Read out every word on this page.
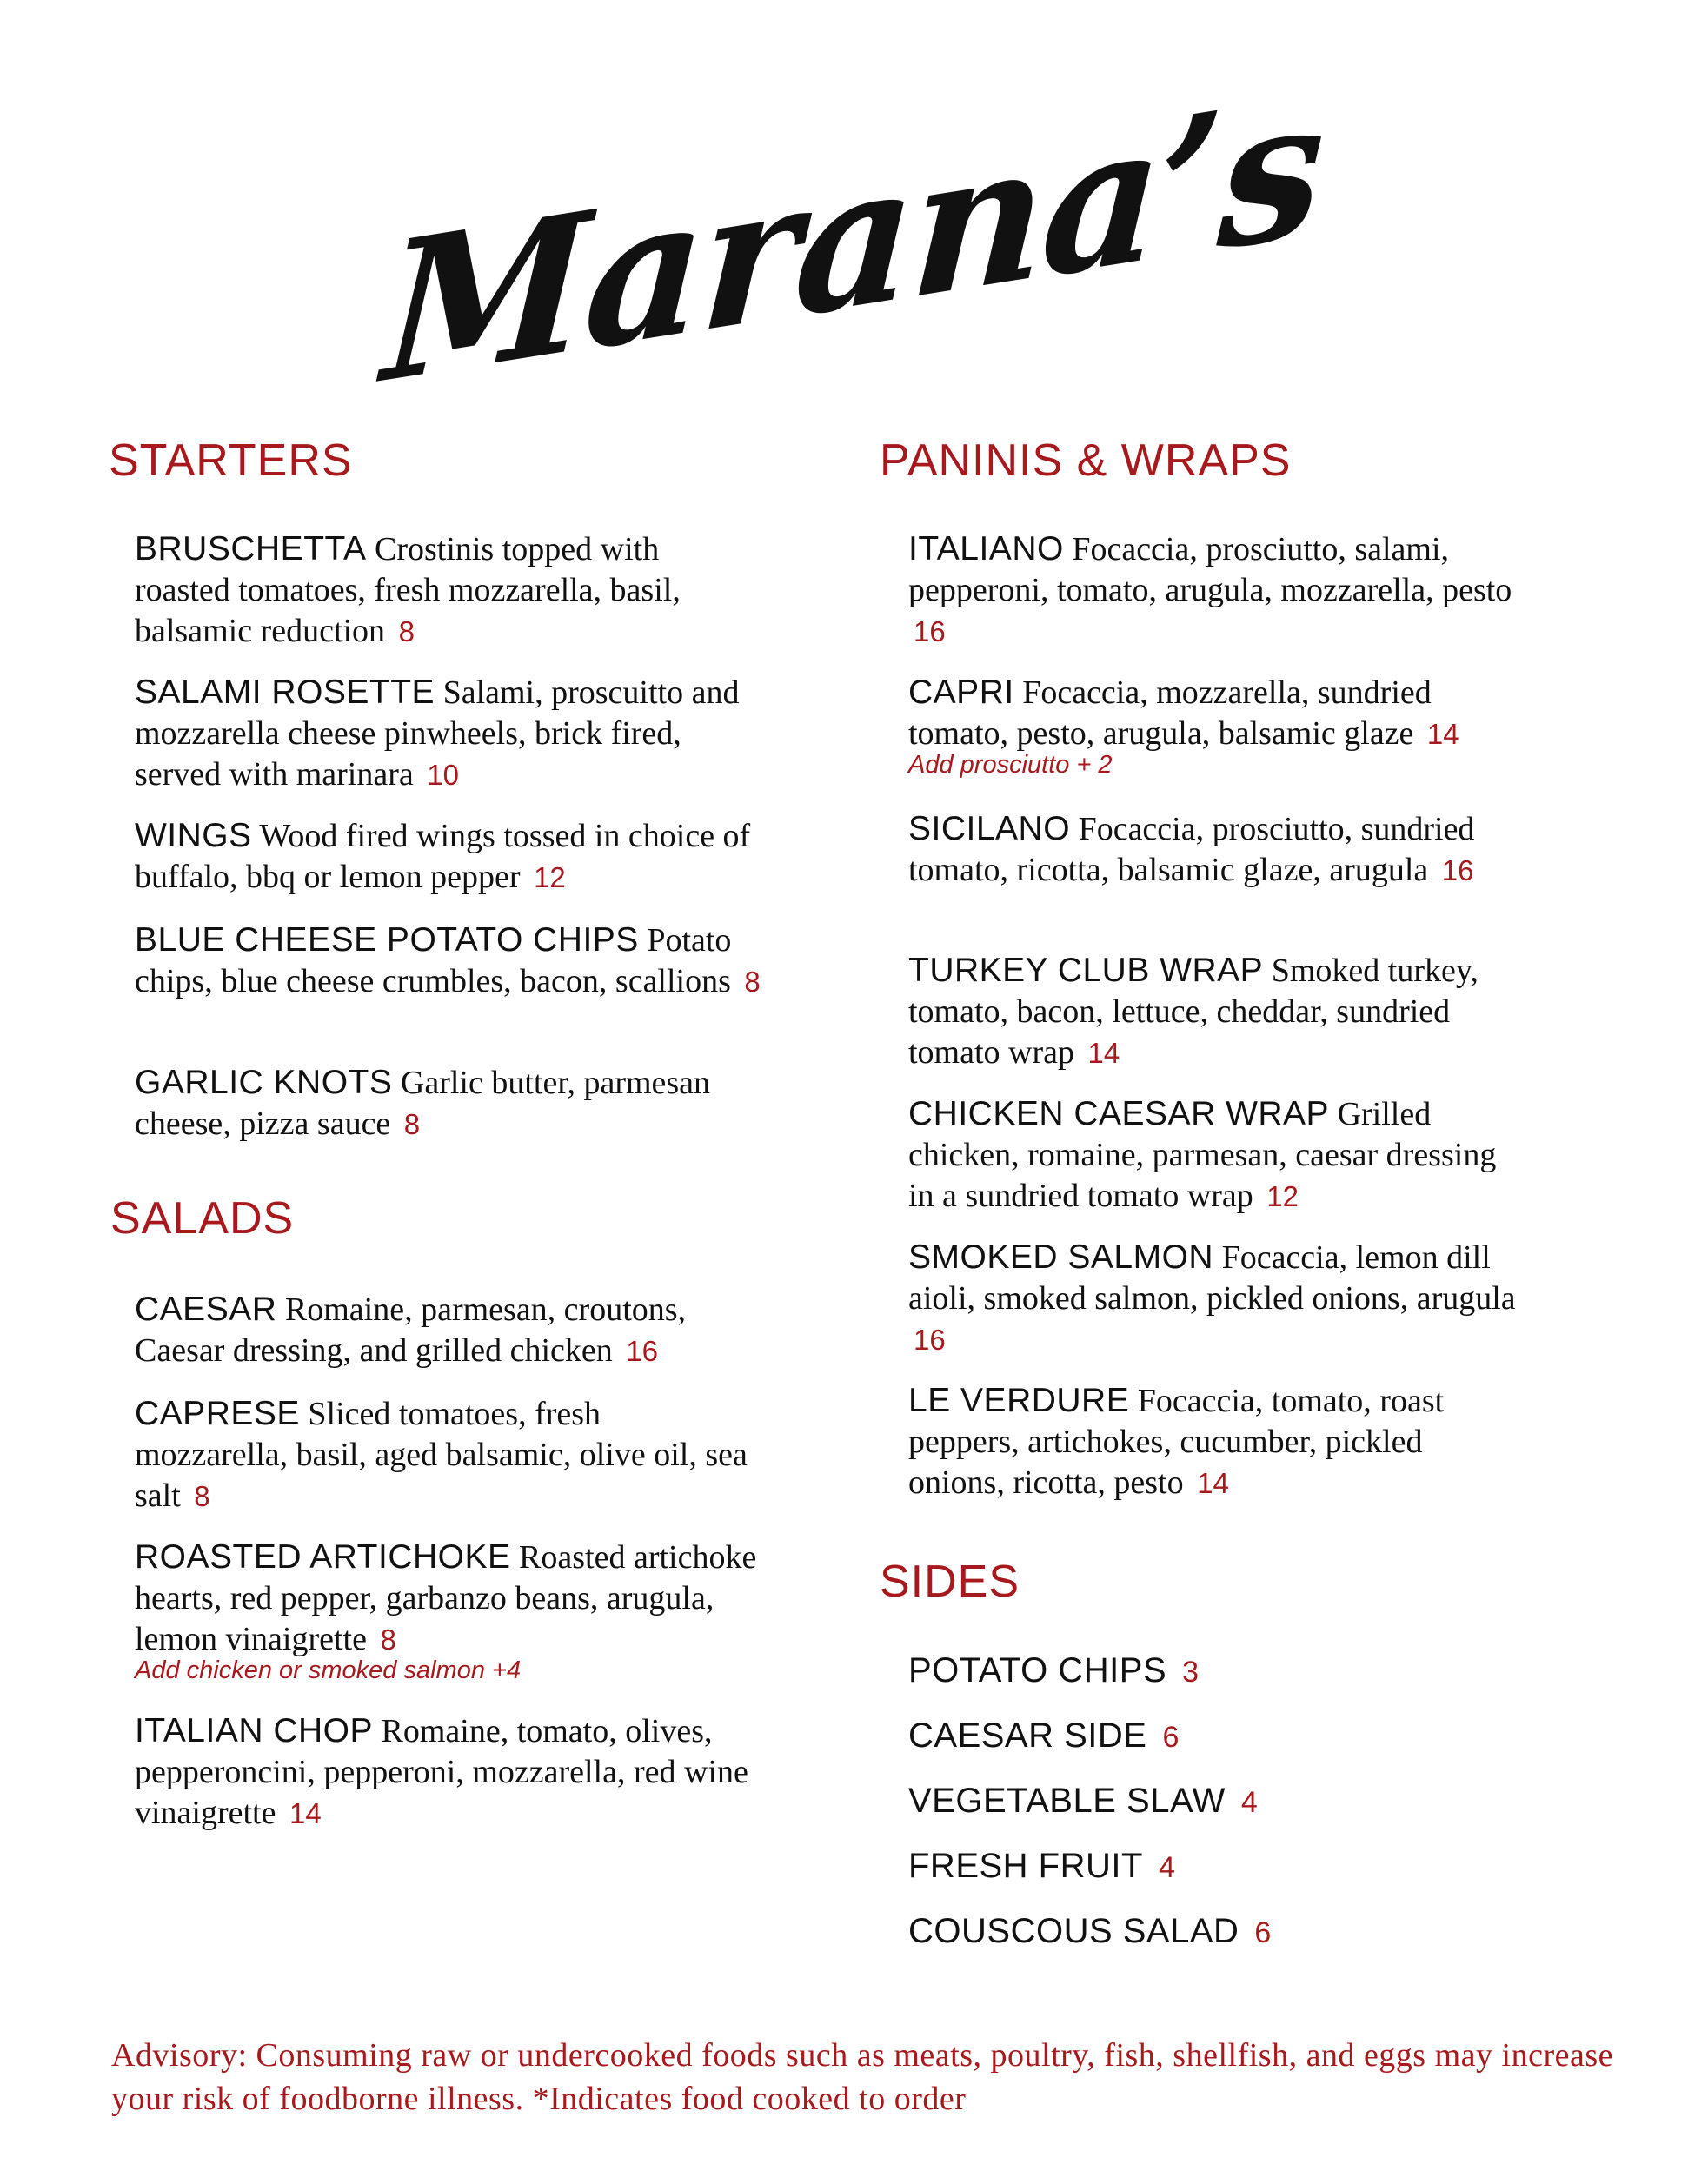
Marana’s
STARTERS
BRUSCHETTA Crostinis topped with roasted tomatoes, fresh mozzarella, basil, balsamic reduction 8
SALAMI ROSETTE Salami, proscuitto and mozzarella cheese pinwheels, brick fired, served with marinara 10
WINGS Wood fired wings tossed in choice of buffalo, bbq or lemon pepper 12
BLUE CHEESE POTATO CHIPS Potato chips, blue cheese crumbles, bacon, scallions 8
GARLIC KNOTS Garlic butter, parmesan cheese, pizza sauce 8
SALADS
CAESAR Romaine, parmesan, croutons, Caesar dressing, and grilled chicken 16
CAPRESE Sliced tomatoes, fresh mozzarella, basil, aged balsamic, olive oil, sea salt 8
ROASTED ARTICHOKE Roasted artichoke hearts, red pepper, garbanzo beans, arugula, lemon vinaigrette 8
Add chicken or smoked salmon +4
ITALIAN CHOP Romaine, tomato, olives, pepperoncini, pepperoni, mozzarella, red wine vinaigrette 14
PANINIS & WRAPS
ITALIANO Focaccia, prosciutto, salami, pepperoni, tomato, arugula, mozzarella, pesto 16
CAPRI Focaccia, mozzarella, sundried tomato, pesto, arugula, balsamic glaze 14
Add prosciutto + 2
SICILANO Focaccia, prosciutto, sundried tomato, ricotta, balsamic glaze, arugula 16
TURKEY CLUB WRAP Smoked turkey, tomato, bacon, lettuce, cheddar, sundried tomato wrap 14
CHICKEN CAESAR WRAP Grilled chicken, romaine, parmesan, caesar dressing in a sundried tomato wrap 12
SMOKED SALMON Focaccia, lemon dill aioli, smoked salmon, pickled onions, arugula 16
LE VERDURE Focaccia, tomato, roast peppers, artichokes, cucumber, pickled onions, ricotta, pesto 14
SIDES
POTATO CHIPS 3
CAESAR SIDE 6
VEGETABLE SLAW 4
FRESH FRUIT 4
COUSCOUS SALAD 6

Advisory: Consuming raw or undercooked foods such as meats, poultry, fish, shellfish, and eggs may increase your risk of foodborne illness. *Indicates food cooked to order
